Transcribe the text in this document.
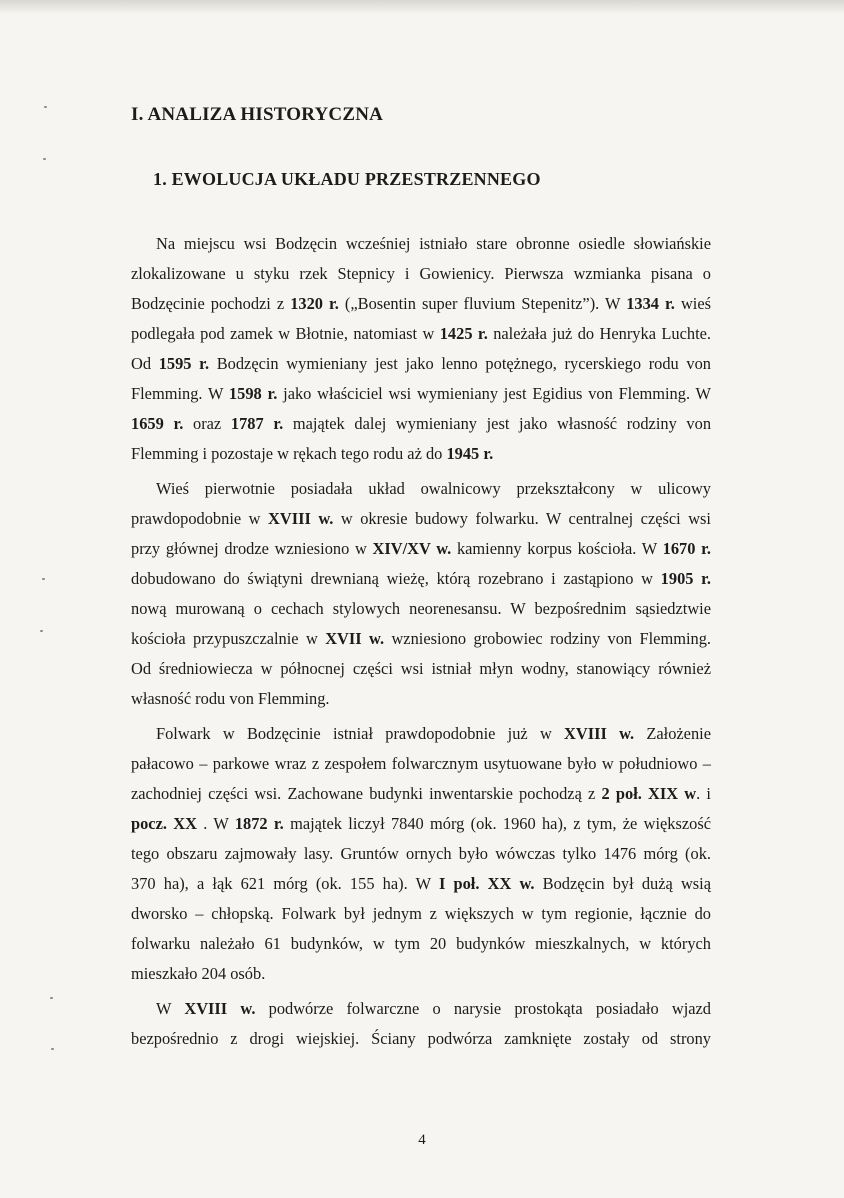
I. ANALIZA HISTORYCZNA
1. EWOLUCJA UKŁADU PRZESTRZENNEGO
Na miejscu wsi Bodzęcin wcześniej istniało stare obronne osiedle słowiańskie
zlokalizowane u styku rzek Stepnicy i Gowienicy. Pierwsza wzmianka pisana o
Bodzęcinie pochodzi z 1320 r. („Bosentin super fluvium Stepenitz”). W 1334 r. wieś
podlegała pod zamek w Błotnie, natomiast w 1425 r. należała już do Henryka Luchte.
Od 1595 r. Bodzęcin wymieniany jest jako lenno potężnego, rycerskiego rodu von
Flemming. W 1598 r. jako właściciel wsi wymieniany jest Egidius von Flemming. W
1659 r. oraz 1787 r. majątek dalej wymieniany jest jako własność rodziny von
Flemming i pozostaje w rękach tego rodu aż do 1945 r.
Wieś pierwotnie posiadała układ owalnicowy przekształcony w ulicowy
prawdopodobnie w XVIII w. w okresie budowy folwarku. W centralnej części wsi
przy głównej drodze wzniesiono w XIV/XV w. kamienny korpus kościoła. W 1670 r.
dobudowano do świątyni drewnianą wieżę, którą rozebrano i zastąpiono w 1905 r.
nową murowaną o cechach stylowych neorenesansu. W bezpośrednim sąsiedztwie
kościoła przypuszczalnie w XVII w. wzniesiono grobowiec rodziny von Flemming.
Od średniowiecza w północnej części wsi istniał młyn wodny, stanowiący również
własność rodu von Flemming.
Folwark w Bodzęcinie istniał prawdopodobnie już w XVIII w. Założenie
pałacowo – parkowe wraz z zespołem folwarcznym usytuowane było w południowo –
zachodniej części wsi. Zachowane budynki inwentarskie pochodzą z 2 poł. XIX w. i
pocz. XX . W 1872 r. majątek liczył 7840 mórg (ok. 1960 ha), z tym, że większość
tego obszaru zajmowały lasy. Gruntów ornych było wówczas tylko 1476 mórg (ok.
370 ha), a łąk 621 mórg (ok. 155 ha). W I poł. XX w. Bodzęcin był dużą wsią
dworsko – chłopską. Folwark był jednym z większych w tym regionie, łącznie do
folwarku należało 61 budynków, w tym 20 budynków mieszkalnych, w których
mieszkało 204 osób.
W XVIII w. podwórze folwarczne o narysie prostokąta posiadało wjazd
bezpośrednio z drogi wiejskiej. Ściany podwórza zamknięte zostały od strony
4
